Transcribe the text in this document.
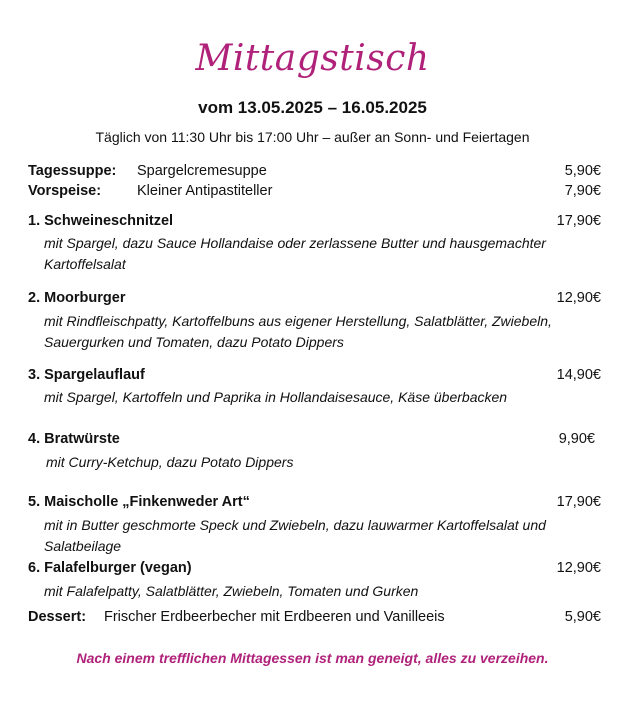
Mittagstisch
vom 13.05.2025 – 16.05.2025
Täglich von 11:30 Uhr bis 17:00 Uhr – außer an Sonn- und Feiertagen
Tagessuppe: Spargelcremesuppe	5,90€
Vorspeise: Kleiner Antipastiteller	7,90€
1. Schweineschnitzel	17,90€
mit Spargel, dazu Sauce Hollandaise oder zerlassene Butter und hausgemachter Kartoffelsalat
2. Moorburger	12,90€
mit Rindfleischpatty, Kartoffelbuns aus eigener Herstellung, Salatblätter, Zwiebeln, Sauergurken und Tomaten, dazu Potato Dippers
3. Spargelauflauf	14,90€
mit Spargel, Kartoffeln und Paprika in Hollandaisesauce, Käse überbacken
4. Bratwürste	9,90€
mit Curry-Ketchup, dazu Potato Dippers
5. Maischolle „Finkenweder Art“	17,90€
mit in Butter geschmorte Speck und Zwiebeln, dazu lauwarmer Kartoffelsalat und Salatbeilage
6. Falafelburger (vegan)	12,90€
mit Falafelpatty, Salatblätter, Zwiebeln, Tomaten und Gurken
Dessert: Frischer Erdbeerbecher mit Erdbeeren und Vanilleeis	5,90€
Nach einem trefflichen Mittagessen ist man geneigt, alles zu verzeihen.
